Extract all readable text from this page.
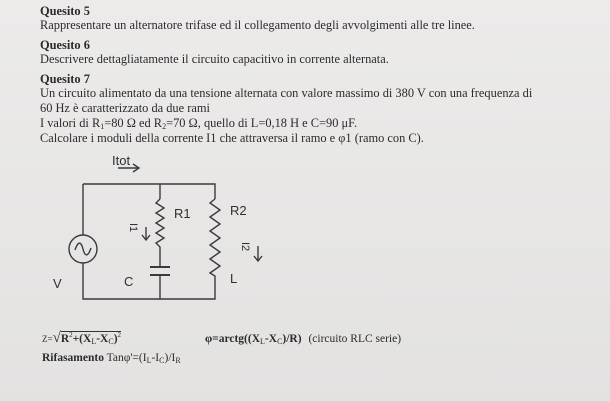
Quesito 5
Rappresentare un alternatore trifase ed il collegamento degli avvolgimenti alle tre linee.
Quesito 6
Descrivere dettagliatamente il circuito capacitivo in corrente alternata.
Quesito 7
Un circuito alimentato da una tensione alternata con valore massimo di 380 V con una frequenza di
60 Hz è caratterizzato da due rami
I valori di $R_1=80$ Ω ed $R_2=70$ Ω, quello di L=0,18 H e C=90 μF.
Calcolare i moduli della corrente I1 che attraversa il ramo e φ1 (ramo con C).
Itot
R1	R2
C	L
V
I1
I2
$Z=√R^2+(X_L-X_C)^2$	$\varphi=arctg((X_L-X_C)/R)$ (circuito RLC serie)
Rifasamento $Tan\varphi'=(I_L-I_C)/I_R$
